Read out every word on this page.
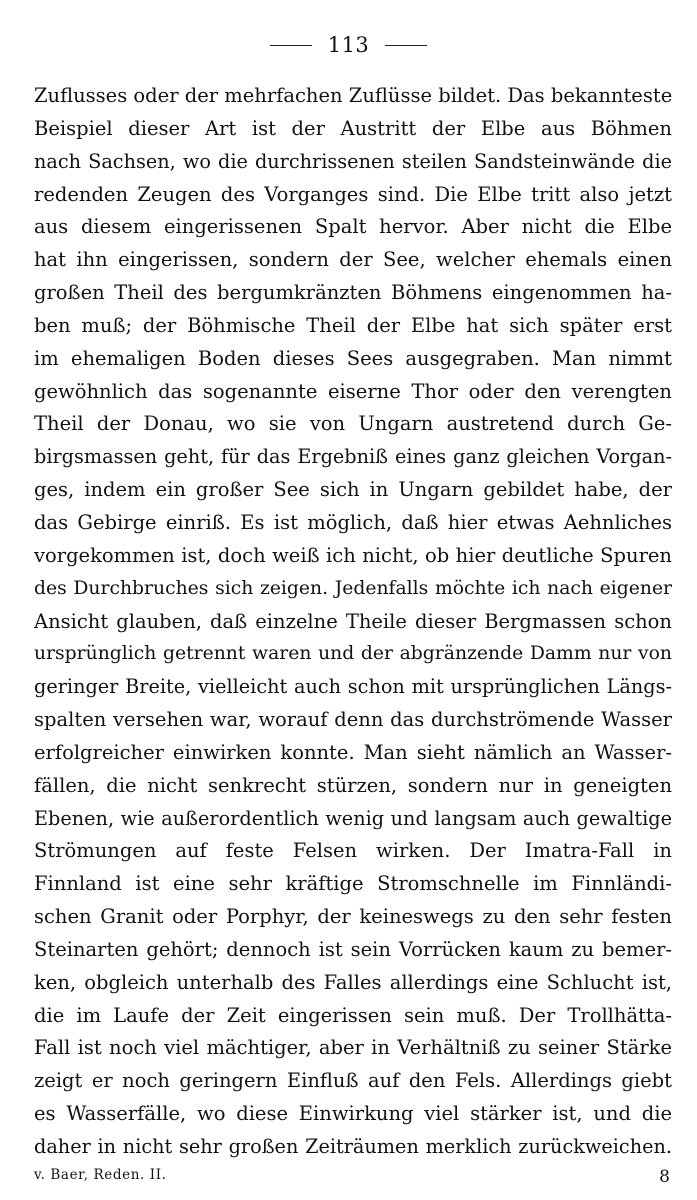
113
Zuflusses oder der mehrfachen Zuflüsse bildet. Das bekannteste
Beispiel dieser Art ist der Austritt der Elbe aus Böhmen
nach Sachsen, wo die durchrissenen steilen Sandsteinwände die
redenden Zeugen des Vorganges sind. Die Elbe tritt also jetzt
aus diesem eingerissenen Spalt hervor. Aber nicht die Elbe
hat ihn eingerissen, sondern der See, welcher ehemals einen
großen Theil des bergumkränzten Böhmens eingenommen ha-
ben muß; der Böhmische Theil der Elbe hat sich später erst
im ehemaligen Boden dieses Sees ausgegraben. Man nimmt
gewöhnlich das sogenannte eiserne Thor oder den verengten
Theil der Donau, wo sie von Ungarn austretend durch Ge-
birgsmassen geht, für das Ergebniß eines ganz gleichen Vorgan-
ges, indem ein großer See sich in Ungarn gebildet habe, der
das Gebirge einriß. Es ist möglich, daß hier etwas Aehnliches
vorgekommen ist, doch weiß ich nicht, ob hier deutliche Spuren
des Durchbruches sich zeigen. Jedenfalls möchte ich nach eigener
Ansicht glauben, daß einzelne Theile dieser Bergmassen schon
ursprünglich getrennt waren und der abgränzende Damm nur von
geringer Breite, vielleicht auch schon mit ursprünglichen Längs-
spalten versehen war, worauf denn das durchströmende Wasser
erfolgreicher einwirken konnte. Man sieht nämlich an Wasser-
fällen, die nicht senkrecht stürzen, sondern nur in geneigten
Ebenen, wie außerordentlich wenig und langsam auch gewaltige
Strömungen auf feste Felsen wirken. Der Imatra-Fall in
Finnland ist eine sehr kräftige Stromschnelle im Finnländi-
schen Granit oder Porphyr, der keineswegs zu den sehr festen
Steinarten gehört; dennoch ist sein Vorrücken kaum zu bemer-
ken, obgleich unterhalb des Falles allerdings eine Schlucht ist,
die im Laufe der Zeit eingerissen sein muß. Der Trollhätta-
Fall ist noch viel mächtiger, aber in Verhältniß zu seiner Stärke
zeigt er noch geringern Einfluß auf den Fels. Allerdings giebt
es Wasserfälle, wo diese Einwirkung viel stärker ist, und die
daher in nicht sehr großen Zeiträumen merklich zurückweichen.
v. Baer, Reden. II.	8
